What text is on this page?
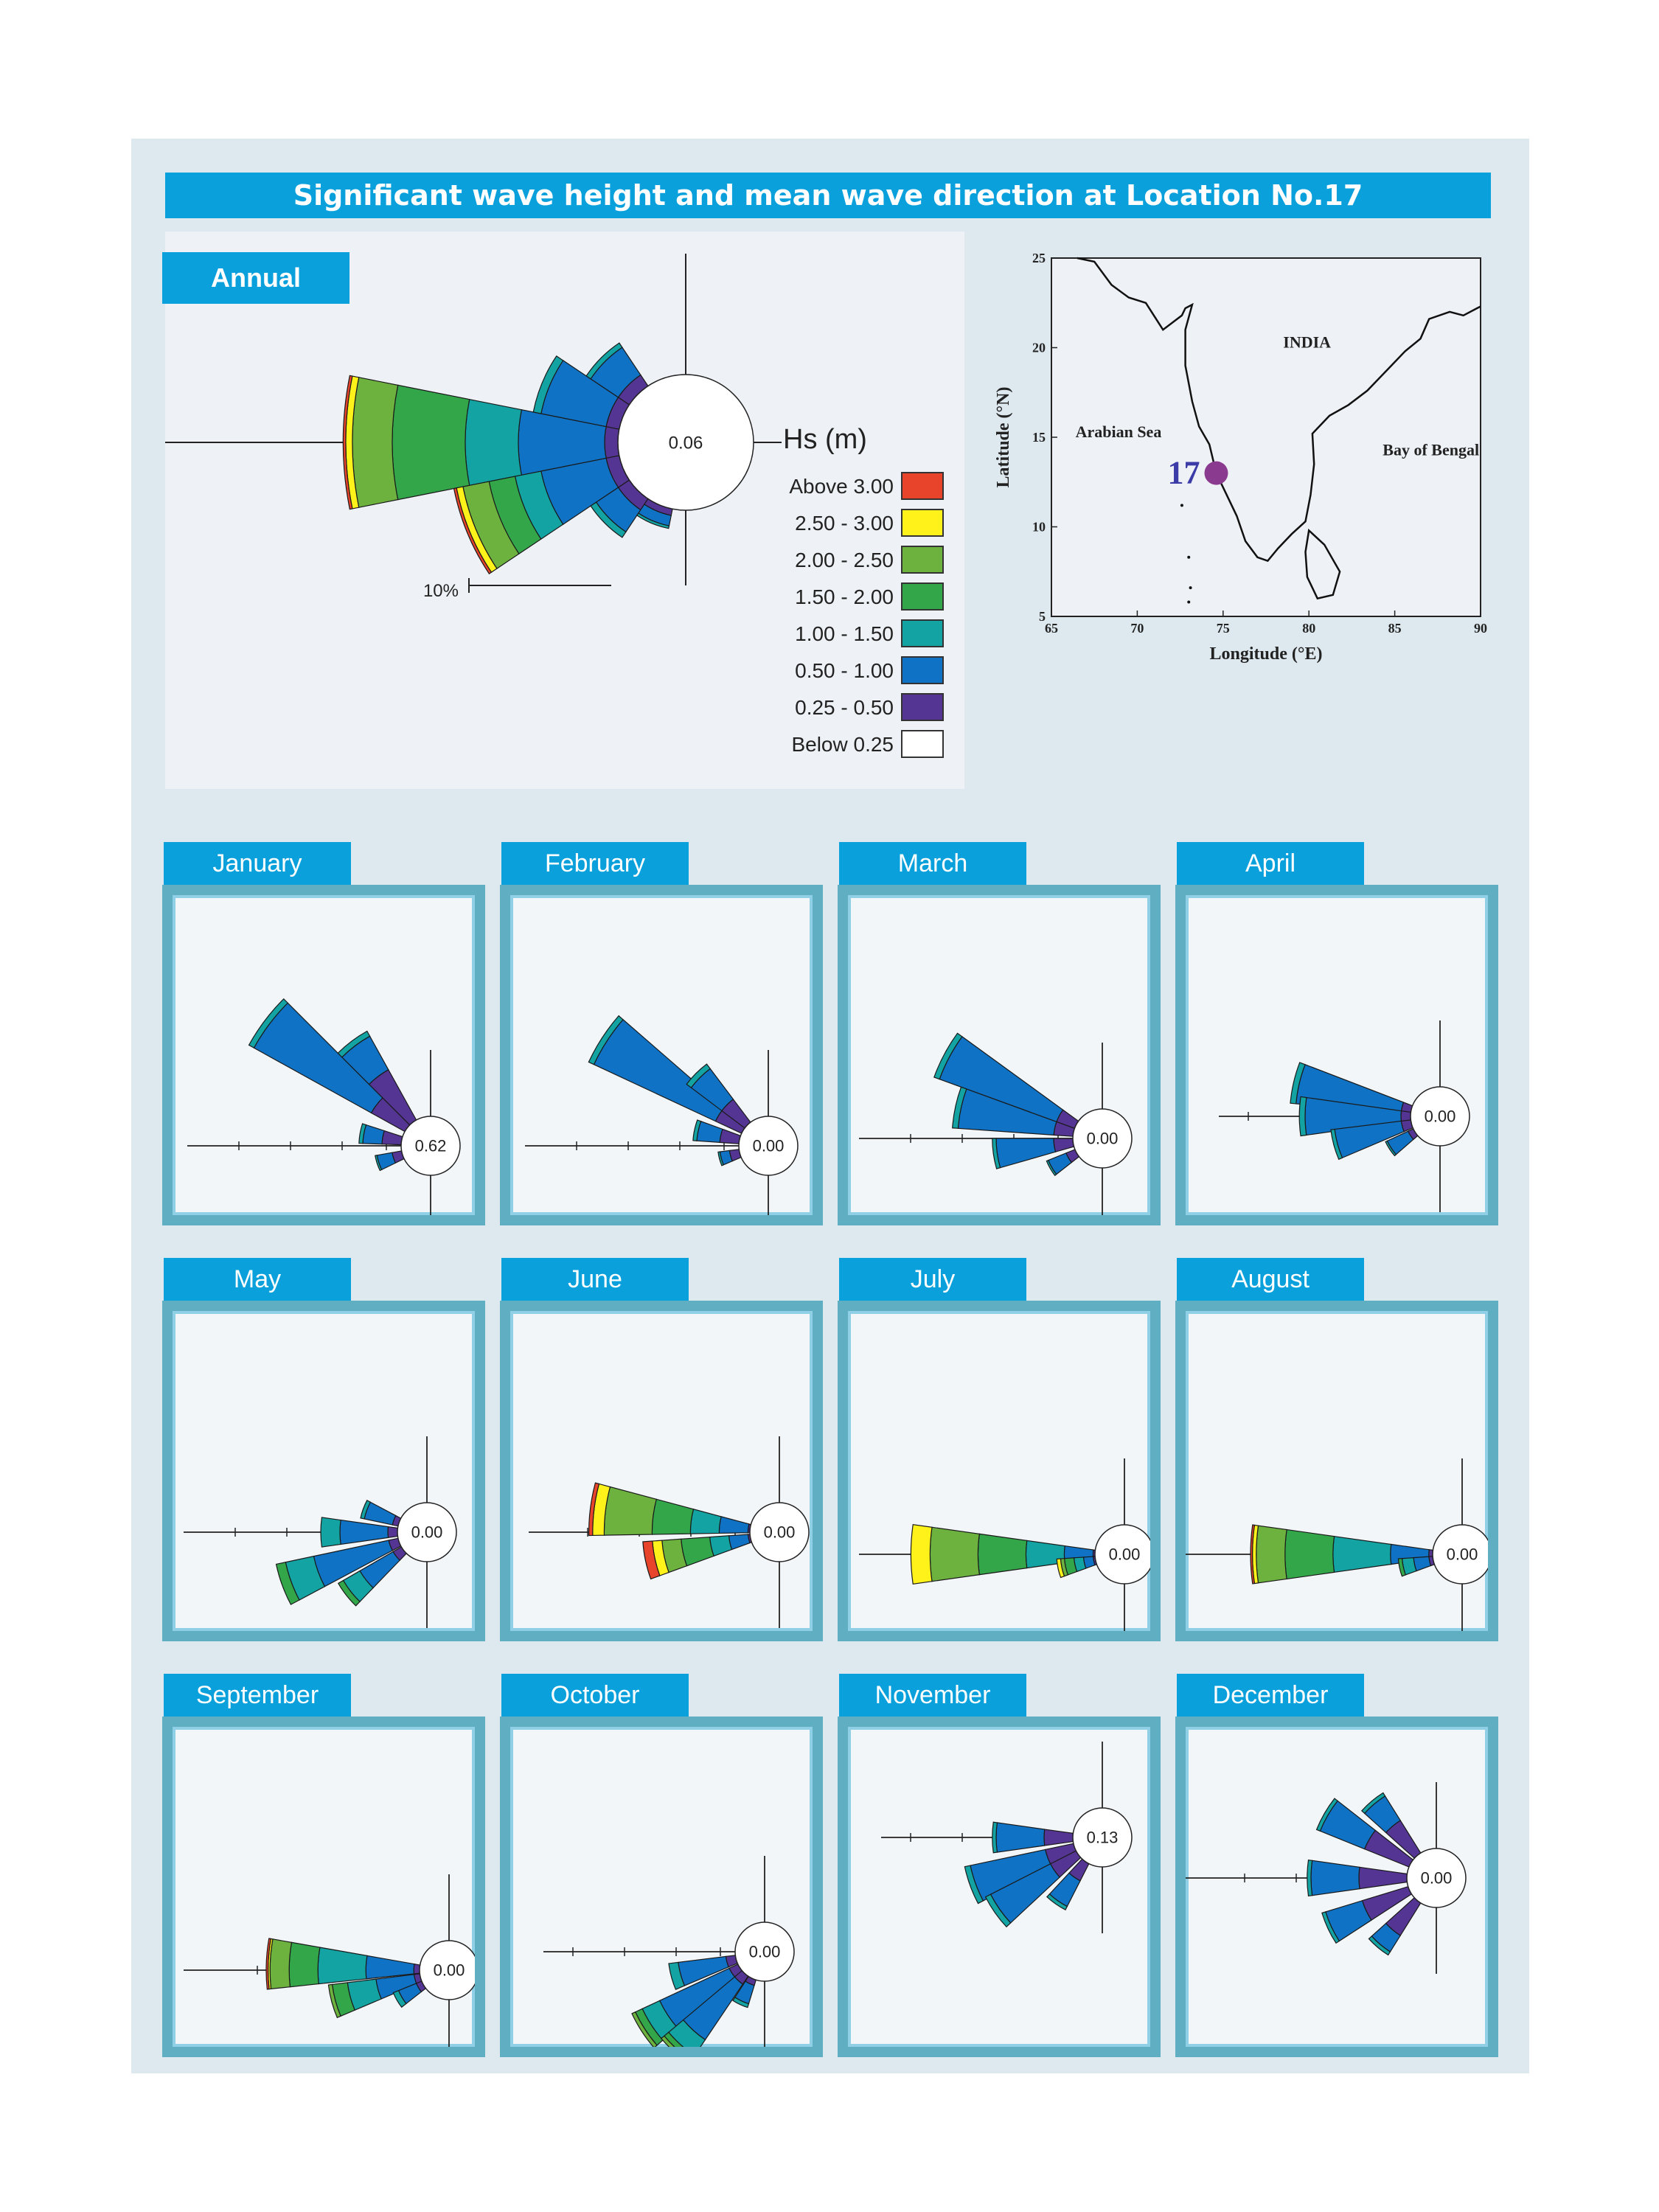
Significant wave height and mean wave direction at Location No.17
0.06
10%
Annual
Hs (m)
Above 3.00
2.50 - 3.00
2.00 - 2.50
1.50 - 2.00
1.00 - 1.50
0.50 - 1.00
0.25 - 0.50
Below 0.25
65	70	75	80	85	90
5
10
15
20
25
Longitude (°E)
Latitude (°N)
INDIA
Arabian Sea
Bay of Bengal
17
January
0.62
February
0.00
March
0.00
April
0.00
May
0.00
June
0.00
July
0.00
August
0.00
September
0.00
October
0.00
November
0.13
December
0.00
